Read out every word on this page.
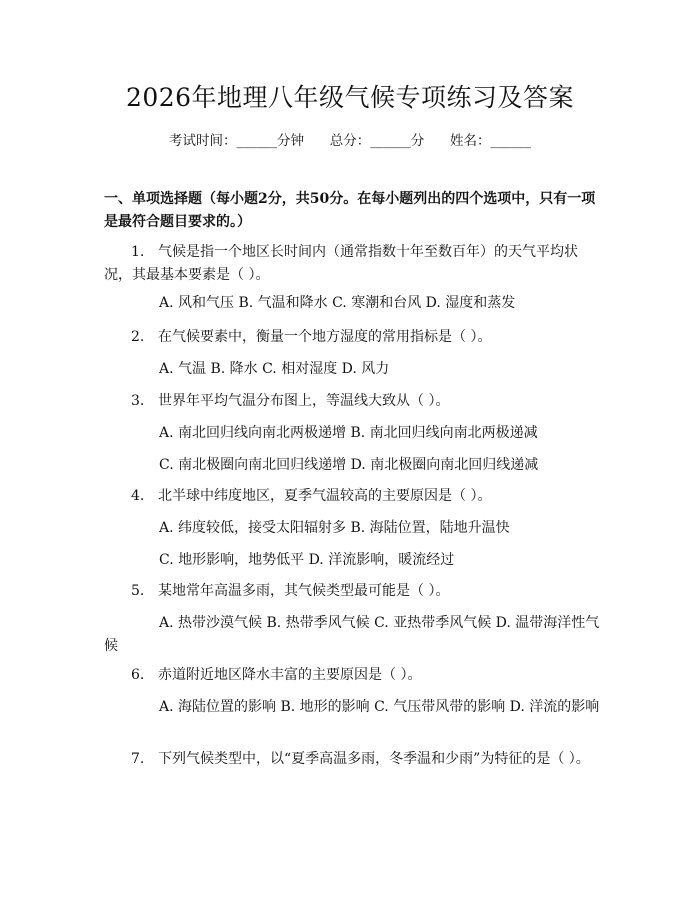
2026年地理八年级气候专项练习及答案
考试时间：______分钟      总分：______分      姓名：______
一、单项选择题（每小题2分，共50分。在每小题列出的四个选项中，只有一项是最符合题目要求的。）
1. 气候是指一个地区长时间内（通常指数十年至数百年）的天气平均状况，其最基本要素是（ ）。
A. 风和气压 B. 气温和降水 C. 寒潮和台风 D. 湿度和蒸发
2. 在气候要素中，衡量一个地方湿度的常用指标是（ ）。
A. 气温 B. 降水 C. 相对湿度 D. 风力
3. 世界年平均气温分布图上，等温线大致从（ ）。
A. 南北回归线向南北两极递增 B. 南北回归线向南北两极递减
C. 南北极圈向南北回归线递增 D. 南北极圈向南北回归线递减
4. 北半球中纬度地区，夏季气温较高的主要原因是（ ）。
A. 纬度较低，接受太阳辐射多 B. 海陆位置，陆地升温快
C. 地形影响，地势低平 D. 洋流影响，暖流经过
5. 某地常年高温多雨，其气候类型最可能是（ ）。
A. 热带沙漠气候 B. 热带季风气候 C. 亚热带季风气候 D. 温带海洋性气候
6. 赤道附近地区降水丰富的主要原因是（ ）。
A. 海陆位置的影响 B. 地形的影响 C. 气压带风带的影响 D. 洋流的影响
7. 下列气候类型中，以“夏季高温多雨，冬季温和少雨”为特征的是（ ）。
